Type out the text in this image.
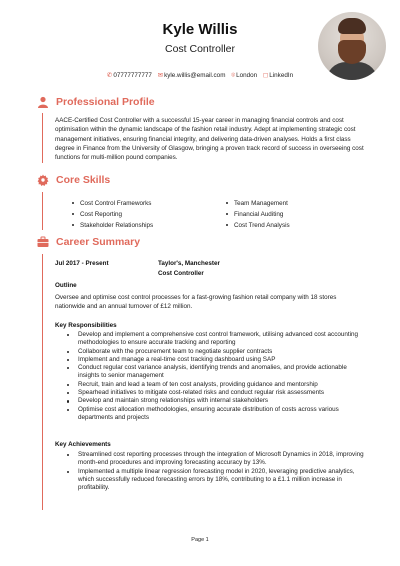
Kyle Willis
Cost Controller
✆07777777777 ✉kyle.willis@email.com ⌾London ◻LinkedIn
Professional Profile
AACE-Certified Cost Controller with a successful 15-year career in managing financial controls and cost optimisation within the dynamic landscape of the fashion retail industry. Adept at implementing strategic cost management initiatives, ensuring financial integrity, and delivering data-driven analyses. Holds a first class degree in Finance from the University of Glasgow, bringing a proven track record of success in overseeing cost functions for multi-million pound companies.
Core Skills
Cost Control Frameworks
Cost Reporting
Stakeholder Relationships
Team Management
Financial Auditing
Cost Trend Analysis
Career Summary
Jul 2017 - Present	Taylor's, Manchester
Cost Controller
Outline
Oversee and optimise cost control processes for a fast-growing fashion retail company with 18 stores nationwide and an annual turnover of £12 million.
Key Responsibilities
Develop and implement a comprehensive cost control framework, utilising advanced cost accounting methodologies to ensure accurate tracking and reporting
Collaborate with the procurement team to negotiate supplier contracts
Implement and manage a real-time cost tracking dashboard using SAP
Conduct regular cost variance analysis, identifying trends and anomalies, and provide actionable insights to senior management
Recruit, train and lead a team of ten cost analysts, providing guidance and mentorship
Spearhead initiatives to mitigate cost-related risks and conduct regular risk assessments
Develop and maintain strong relationships with internal stakeholders
Optimise cost allocation methodologies, ensuring accurate distribution of costs across various departments and projects
Key Achievements
Streamlined cost reporting processes through the integration of Microsoft Dynamics in 2018, improving month-end procedures and improving forecasting accuracy by 13%.
Implemented a multiple linear regression forecasting model in 2020, leveraging predictive analytics, which successfully reduced forecasting errors by 18%, contributing to a £1.1 million increase in profitability.
Page 1
